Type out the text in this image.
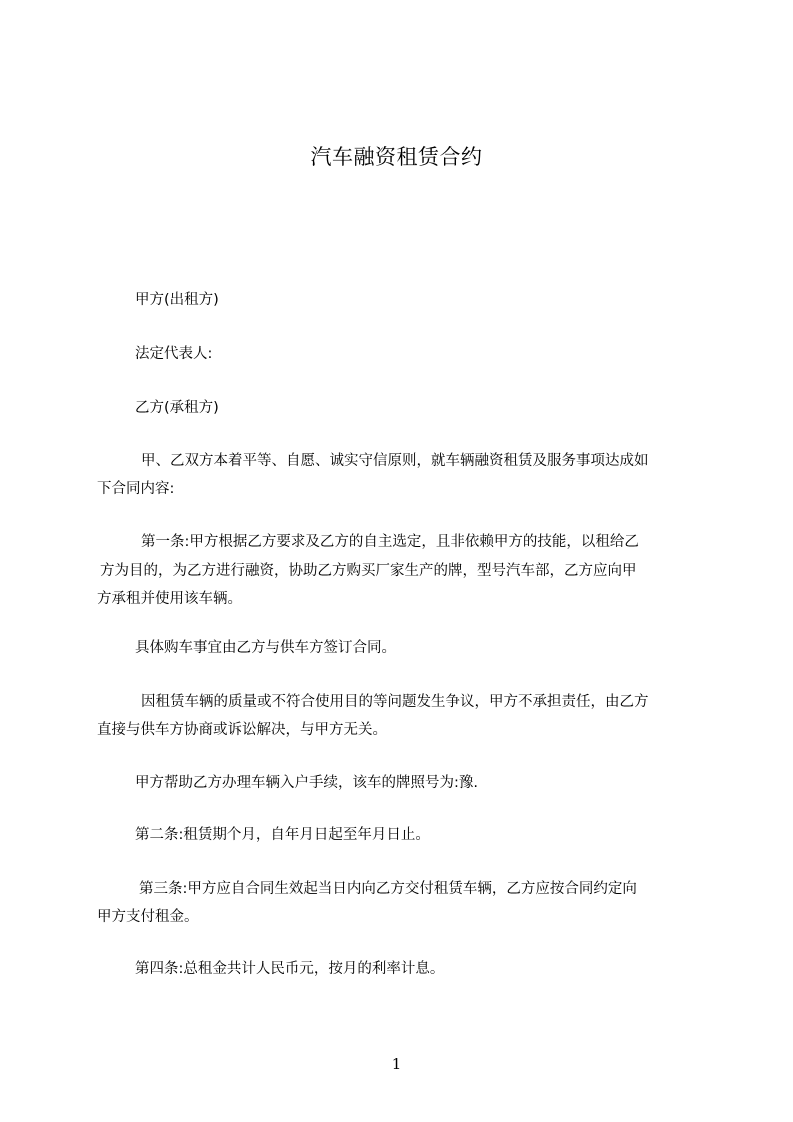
汽车融资租赁合约

甲方(出租方)

法定代表人:

乙方(承租方)

甲、乙双方本着平等、自愿、诚实守信原则，就车辆融资租赁及服务事项达成如

下合同内容:

第一条:甲方根据乙方要求及乙方的自主选定，且非依赖甲方的技能，以租给乙

方为目的，为乙方进行融资，协助乙方购买厂家生产的牌，型号汽车部，乙方应向甲

方承租并使用该车辆。

具体购车事宜由乙方与供车方签订合同。

因租赁车辆的质量或不符合使用目的等问题发生争议，甲方不承担责任，由乙方

直接与供车方协商或诉讼解决，与甲方无关。

甲方帮助乙方办理车辆入户手续，该车的牌照号为:豫.

第二条:租赁期个月，自年月日起至年月日止。

第三条:甲方应自合同生效起当日内向乙方交付租赁车辆，乙方应按合同约定向

甲方支付租金。

第四条:总租金共计人民币元，按月的利率计息。

1
